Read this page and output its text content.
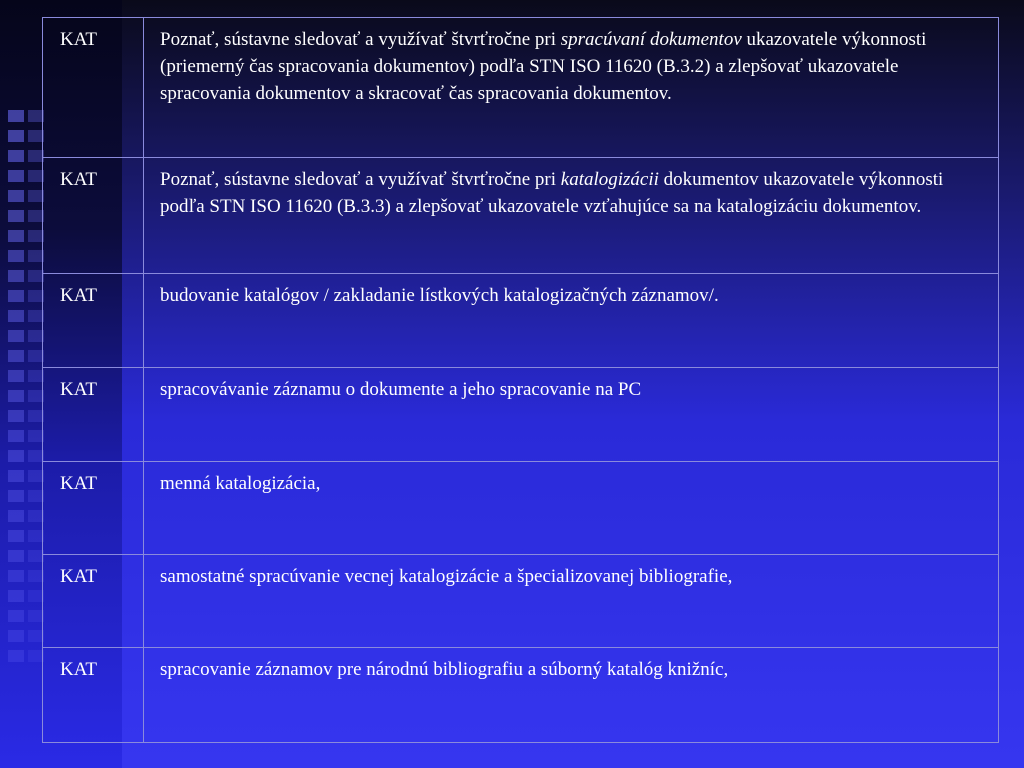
KAT	Poznať, sústavne sledovať a využívať štvrťročne pri spracúvaní dokumentov ukazovatele výkonnosti (priemerný čas spracovania dokumentov) podľa STN ISO 11620 (B.3.2) a zlepšovať ukazovatele spracovania dokumentov a skracovať čas spracovania dokumentov.
KAT	Poznať, sústavne sledovať a využívať štvrťročne pri katalogizácii dokumentov ukazovatele výkonnosti podľa STN ISO 11620 (B.3.3) a zlepšovať ukazovatele vzťahujúce sa na katalogizáciu dokumentov.
KAT	budovanie katalógov / zakladanie lístkových katalogizačných záznamov/.
KAT	spracovávanie záznamu o dokumente a jeho spracovanie na PC
KAT	menná katalogizácia,
KAT	samostatné spracúvanie vecnej katalogizácie a špecializovanej bibliografie,
KAT	spracovanie záznamov pre národnú bibliografiu a súborný katalóg knižníc,
